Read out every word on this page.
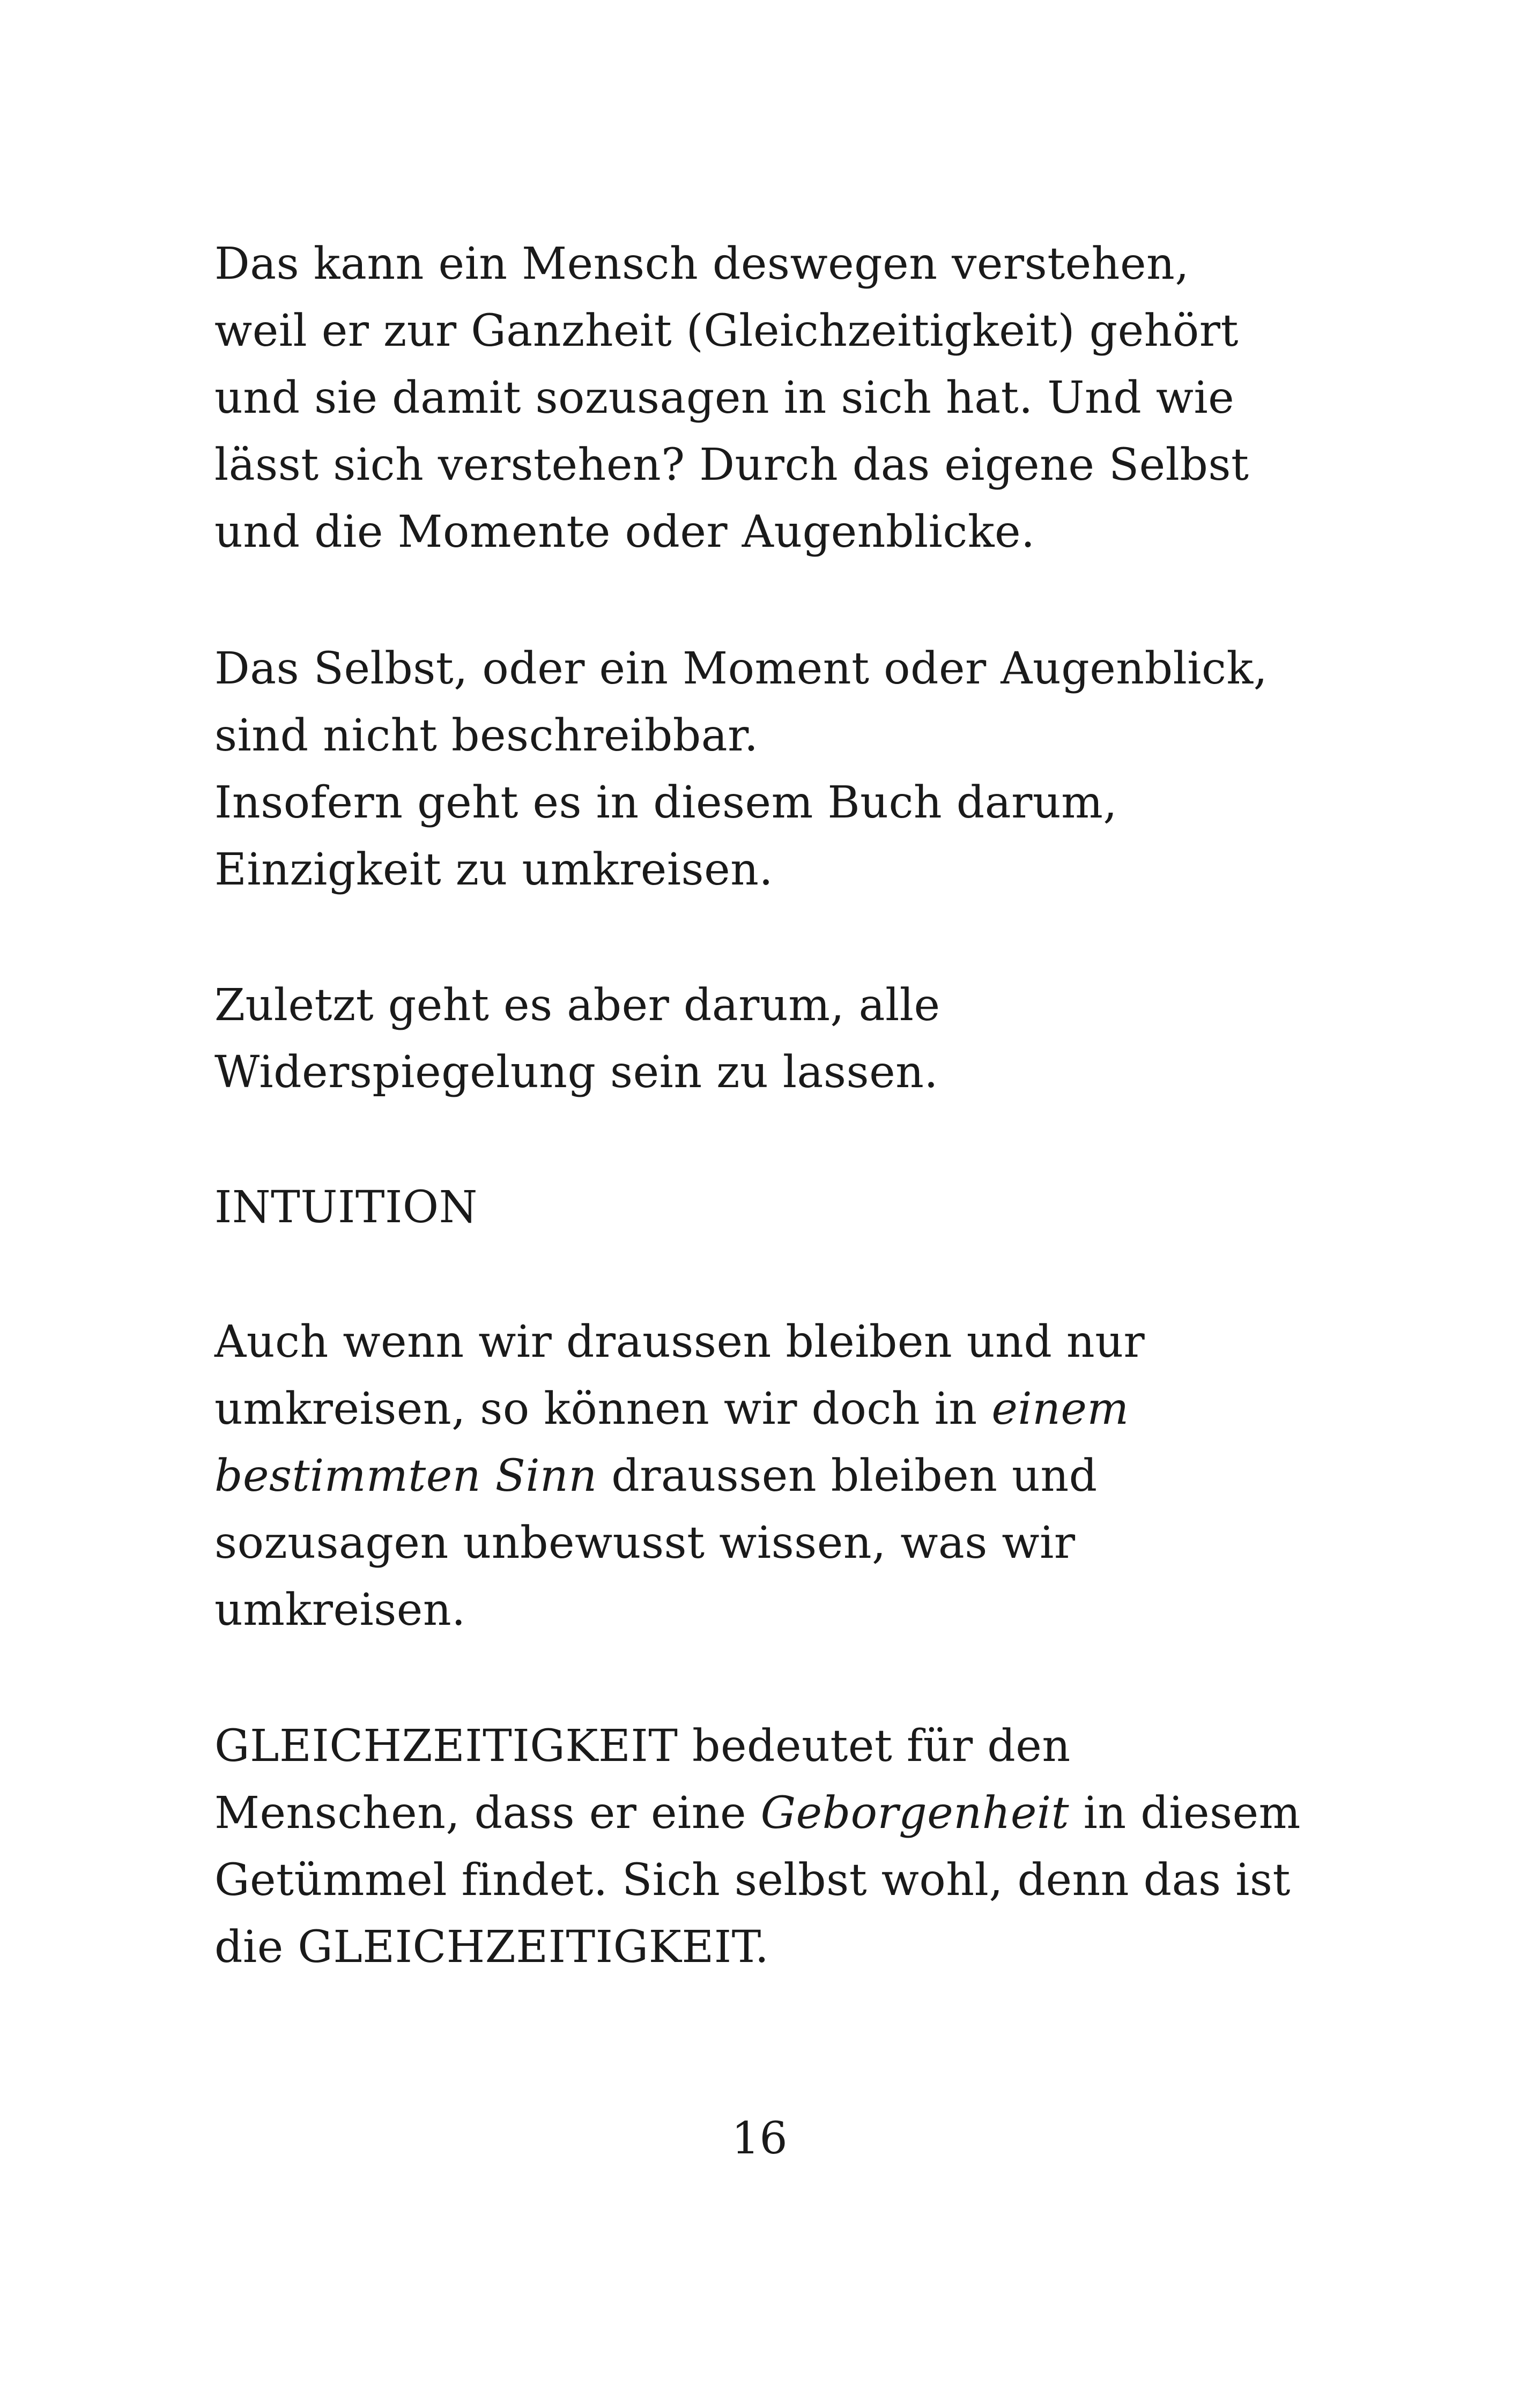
Das kann ein Mensch deswegen verstehen,
weil er zur Ganzheit (Gleichzeitigkeit) gehört
und sie damit sozusagen in sich hat. Und wie
lässt sich verstehen? Durch das eigene Selbst
und die Momente oder Augenblicke.
Das Selbst, oder ein Moment oder Augenblick,
sind nicht beschreibbar.
Insofern geht es in diesem Buch darum,
Einzigkeit zu umkreisen.
Zuletzt geht es aber darum, alle
Widerspiegelung sein zu lassen.
INTUITION
Auch wenn wir draussen bleiben und nur
umkreisen, so können wir doch in einem
bestimmten Sinn draussen bleiben und
sozusagen unbewusst wissen, was wir
umkreisen.
GLEICHZEITIGKEIT bedeutet für den
Menschen, dass er eine Geborgenheit in diesem
Getümmel findet. Sich selbst wohl, denn das ist
die GLEICHZEITIGKEIT.
16
